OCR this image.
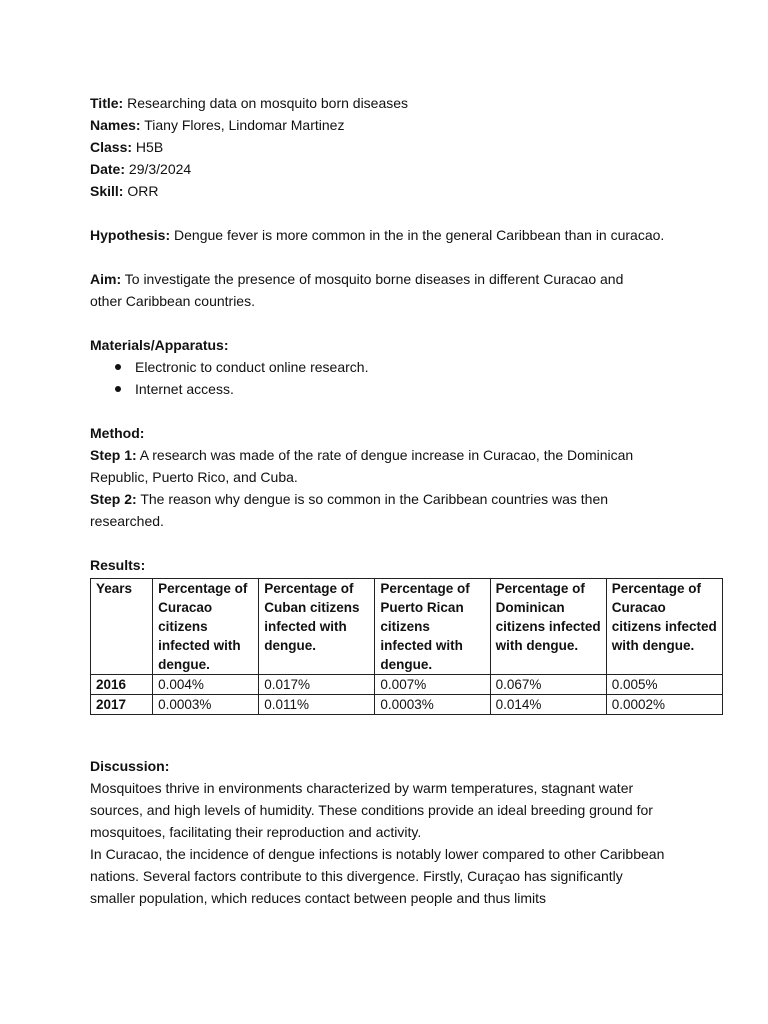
Title: Researching data on mosquito born diseases

Names: Tiany Flores, Lindomar Martinez

Class: H5B

Date: 29/3/2024

Skill: ORR

Hypothesis: Dengue fever is more common in the in the general Caribbean than in curacao.

Aim: To investigate the presence of mosquito borne diseases in different Curacao and other Caribbean countries.

Materials/Apparatus:

Electronic to conduct online research.
Internet access.

Method:

Step 1: A research was made of the rate of dengue increase in Curacao, the Dominican Republic, Puerto Rico, and Cuba.

Step 2: The reason why dengue is so common in the Caribbean countries was then researched.

Results:

Years	Percentage of Curacao citizens infected with dengue.	Percentage of Cuban citizens infected with dengue.	Percentage of Puerto Rican citizens infected with dengue.	Percentage of Dominican citizens infected with dengue.	Percentage of Curacao citizens infected with dengue.
2016	0.004%	0.017%	0.007%	0.067%	0.005%
2017	0.0003%	0.011%	0.0003%	0.014%	0.0002%

Discussion:

Mosquitoes thrive in environments characterized by warm temperatures, stagnant water sources, and high levels of humidity. These conditions provide an ideal breeding ground for mosquitoes, facilitating their reproduction and activity.

In Curacao, the incidence of dengue infections is notably lower compared to other Caribbean nations. Several factors contribute to this divergence. Firstly, Curaçao has significantly smaller population, which reduces contact between people and thus limits
